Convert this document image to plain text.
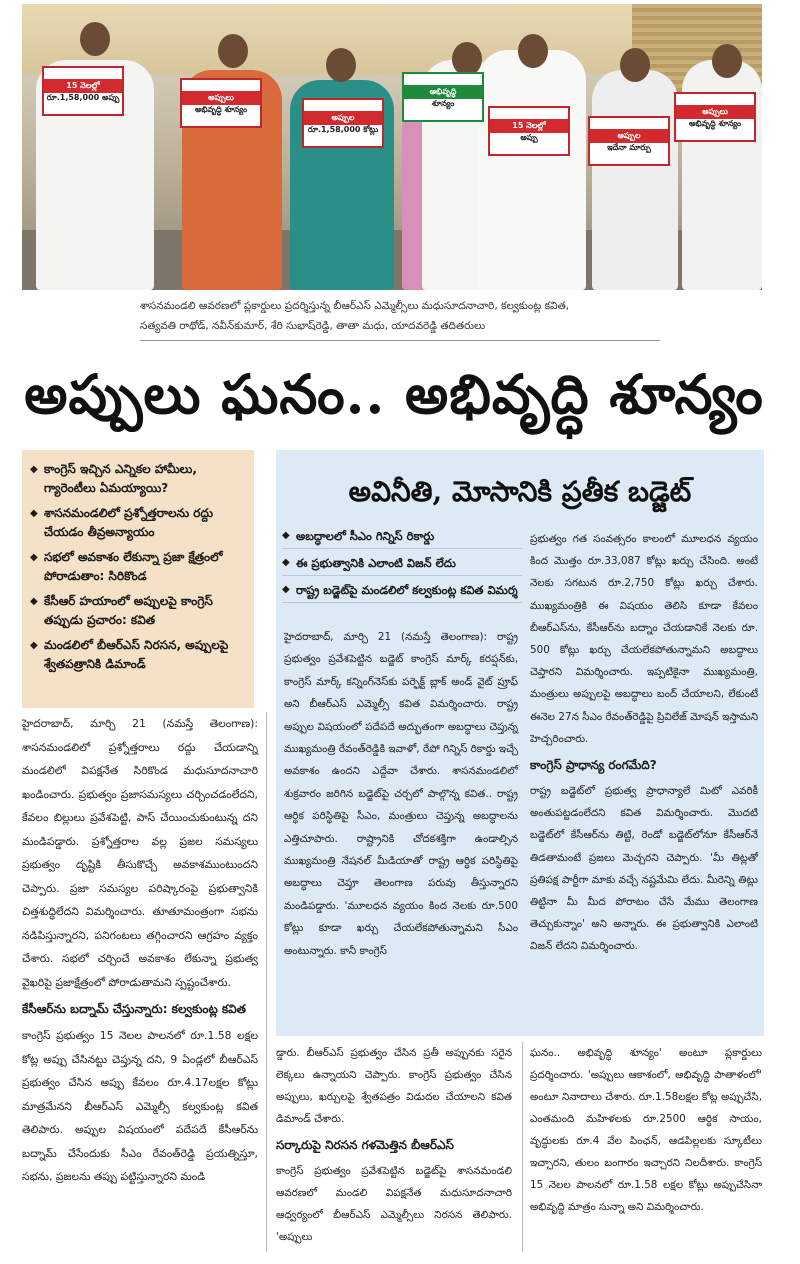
15 నెలల్లో
రూ.1,58,000 అప్పు	అప్పులు
అభివృద్ధి శూన్యం
అప్పుల
రూ.1,58,000 కోట్లు
అభివృద్ధి
శూన్యం
15 నెలల్లో
అప్పు	అప్పుల
ఇదేనా మార్పు
అప్పులు
అభివృద్ధి శూన్యం
శాసనమండలి ఆవరణలో ప్లకార్డులు ప్రదర్శిస్తున్న బీఆర్ఎస్ ఎమ్మెల్సీలు మధుసూదనాచారి, కల్వకుంట్ల కవిత,
సత్యవతి రాథోడ్, నవీన్‌కుమార్, శేరి సుభాష్‌రెడ్డి, తాతా మధు, యాదవరెడ్డి తదితరులు
అప్పులు ఘనం.. అభివృద్ధి శూన్యం
◆ కాంగ్రెస్ ఇచ్చిన ఎన్నికల హామీలు, గ్యారెంటీలు ఏమయ్యాయి?
◆ శాసనమండలిలో ప్రశ్నోత్తరాలను రద్దు చేయడం తీవ్రఅన్యాయం
◆ సభలో అవకాశం లేకున్నా ప్రజా క్షేత్రంలో పోరాడుతాం: సిరికొండ
◆ కేసీఆర్ హయాంలో అప్పులపై కాంగ్రెస్ తప్పుడు ప్రచారం: కవిత
◆ మండలిలో బీఆర్ఎస్ నిరసన, అప్పులపై శ్వేతపత్రానికి డిమాండ్

హైదరాబాద్, మార్చి 21 (నమస్తే తెలంగాణ): శాసనమండలిలో ప్రశ్నోత్తరాలు రద్దు చేయడాన్ని మండలిలో విపక్షనేత సిరికొండ మధుసూదనాచారి ఖండించారు. ప్రభుత్వం ప్రజాసమస్యలు చర్చించడంలేదని, కేవలం బిల్లులు ప్రవేశపెట్టి, పాస్ చేయించుకుంటున్న దని మండిపడ్డారు. ప్రశ్నోత్తరాల వల్ల ప్రజల సమస్యలు ప్రభుత్వం దృష్టికి తీసుకొచ్చే అవకాశముంటుందని చెప్పారు. ప్రజా సమస్యల పరిష్కారంపై ప్రభుత్వానికి చిత్తశుద్ధిలేదని విమర్శించారు. తూతూమంత్రంగా సభను నడిపిస్తున్నారని, పనిగంటలు తగ్గించారని ఆగ్రహం వ్యక్తం చేశారు. సభలో చర్చించే అవకాశం లేకున్నా ప్రభుత్వ వైఖరిపై ప్రజాక్షేత్రంలో పోరాడుతామని స్పష్టంచేశారు.

కేసీఆర్‌ను బద్నామ్ చేస్తున్నారు: కల్వకుంట్ల కవిత

కాంగ్రెస్ ప్రభుత్వం 15 నెలల పాలనలో రూ.1.58 లక్షల కోట్ల అప్పు చేసినట్టు చెప్తున్న దని, 9 ఏండ్లలో బీఆర్ఎస్ ప్రభుత్వం చేసిన అప్పు కేవలం రూ.4.17లక్షల కోట్లు మాత్రమేనని బీఆర్ఎస్ ఎమ్మెల్సీ కల్వకుంట్ల కవిత తెలిపారు. అప్పుల విషయంలో పదేపదే కేసీఆర్‌ను బద్నామ్ చేసేందుకు సీఎం రేవంత్‌రెడ్డి ప్రయత్నిస్తూ, సభను, ప్రజలను తప్పు పట్టిస్తున్నారని మండి

అవినీతి, మోసానికి ప్రతీక బడ్జెట్
◆ అబద్ధాలలో సీఎం గిన్నిస్ రికార్డు
◆ ఈ ప్రభుత్వానికి ఎలాంటి విజన్ లేదు
◆ రాష్ట్ర బడ్జెట్‌పై మండలిలో కల్వకుంట్ల కవిత విమర్శ

హైదరాబాద్, మార్చి 21 (నమస్తే తెలంగాణ): రాష్ట్ర ప్రభుత్వం ప్రవేశపెట్టిన బడ్జెట్ కాంగ్రెస్ మార్క్ కరప్షన్‌కు, కాంగ్రెస్ మార్క్ కన్నింగ్‌నెస్‌కు పర్ఫెక్ట్ బ్లాక్ అండ్ వైట్ ప్రూఫ్ అని బీఆర్ఎస్ ఎమ్మెల్సీ కవిత విమర్శించారు. రాష్ట్ర అప్పుల విషయంలో పదేపదే అద్భుతంగా అబద్ధాలు చెప్తున్న ముఖ్యమంత్రి రేవంత్‌రెడ్డికి ఇవాళో, రేపో గిన్నిస్ రికార్డు ఇచ్చే అవకాశం ఉందని ఎద్దేవా చేశారు. శాసనమండలిలో శుక్రవారం జరిగిన బడ్జెట్‌పై చర్చలో పాల్గొన్న కవిత.. రాష్ట్ర ఆర్థిక పరిస్థితిపై సీఎం, మంత్రులు చెప్తున్న అబద్ధాలను ఎత్తిచూపారు. రాష్ట్రానికి చోదకశక్తిగా ఉండాల్సిన ముఖ్యమంత్రి నేషనల్ మీడియాతో రాష్ట్ర ఆర్థిక పరిస్థితిపై అబద్ధాలు చెప్తూ తెలంగాణ పరువు తీస్తున్నారని మండిపడ్డారు. 'మూలధన వ్యయం కింద నెలకు రూ.500 కోట్లు కూడా ఖర్చు చేయలేకపోతున్నామని సీఎం అంటున్నారు. కానీ కాంగ్రెస్

ప్రభుత్వం గత సంవత్సరం కాలంలో మూలధన వ్యయం కింద మొత్తం రూ.33,087 కోట్లు ఖర్చు చేసింది. అంటే నెలకు సగటున రూ.2,750 కోట్లు ఖర్చు చేశారు. ముఖ్యమంత్రికి ఈ విషయం తెలిసి కూడా కేవలం బీఆర్ఎస్‌ను, కేసీఆర్‌ను బద్నాం చేయడానికే నెలకు రూ. 500 కోట్లు ఖర్చు చేయలేకపోతున్నామని అబద్ధాలు చెప్తారని విమర్శించారు. ఇప్పటికైనా ముఖ్యమంత్రి, మంత్రులు అప్పులపై అబద్ధాలు బంద్ చేయాలని, లేకుంటే ఈనెల 27న సీఎం రేవంత్‌రెడ్డిపై ప్రివిలేజ్ మోషన్ ఇస్తామని హెచ్చరించారు.

కాంగ్రెస్ ప్రాధాన్య రంగమేది?

రాష్ట్ర బడ్జెట్‌లో ప్రభుత్వ ప్రాధాన్యాలే మిటో ఎవరికీ అంతుపట్టడంలేదని కవిత విమర్శించారు. మొదటి బడ్జెట్‌లో కేసీఆర్‌ను తిట్టి, రెండో బడ్జెట్‌లోనూ కేసీఆర్‌నే తిడతామంటే ప్రజలు మెచ్చరని చెప్పారు. 'మీ తిట్లతో ప్రతిపక్ష పార్టీగా మాకు వచ్చే నష్టమేమి లేదు. మీరెన్ని తిట్లు తిట్టినా మీ మీద పోరాటం చేసే మేము తెలంగాణ తెచ్చుకున్నాం' అని అన్నారు. ఈ ప్రభుత్వానికి ఎలాంటి విజన్ లేదని విమర్శించారు.

డ్డారు. బీఆర్ఎస్ ప్రభుత్వం చేసిన ప్రతీ అప్పునకు సరైన లెక్కలు ఉన్నాయని చెప్పారు. కాంగ్రెస్ ప్రభుత్వం చేసిన అప్పులు, ఖర్చులపై శ్వేతపత్రం విడుదల చేయాలని కవిత డిమాండ్ చేశారు.

సర్కారుపై నిరసన గళమెత్తిన బీఆర్ఎస్

కాంగ్రెస్ ప్రభుత్వం ప్రవేశపెట్టిన బడ్జెట్‌పై శాసనమండలి ఆవరణలో మండలి విపక్షనేత మధుసూదనాచారి ఆధ్వర్యంలో బీఆర్ఎస్ ఎమ్మెల్సీలు నిరసన తెలిపారు. 'అప్పులు

ఘనం.. అభివృద్ధి శూన్యం' అంటూ ప్లకార్డులు ప్రదర్శించారు. 'అప్పులు ఆకాశంలో, అభివృద్ధి పాతాళంలో' అంటూ నినాదాలు చేశారు. రూ.1.58లక్షల కోట్ల అప్పుచేసి, ఎంతమంది మహిళలకు రూ.2500 ఆర్థిక సాయం, వృద్ధులకు రూ.4 వేల పింఛన్, ఆడపిల్లలకు స్కూటీలు ఇచ్చారని, తులం బంగారం ఇచ్చారని నిలదీశారు. కాంగ్రెస్ 15 నెలల పాలనలో రూ.1.58 లక్షల కోట్లు అప్పుచేసినా అభివృద్ధి మాత్రం సున్నా అని విమర్శించారు.
